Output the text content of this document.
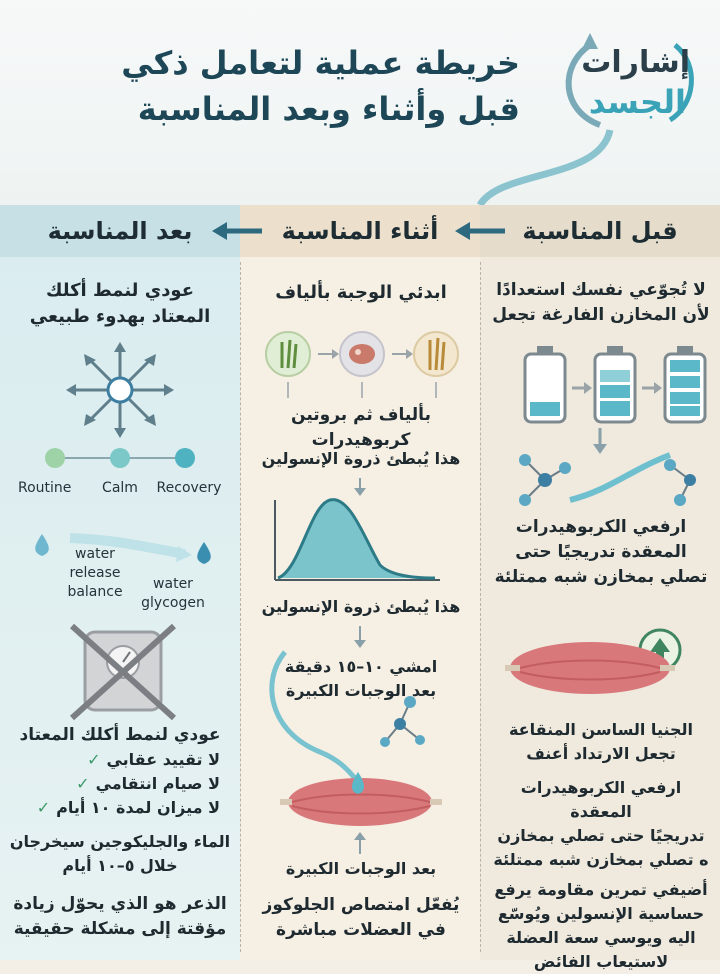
خريطة عملية لتعامل ذكي
قبل وأثناء وبعد المناسبة
إشارات
الجسد
بعد المناسبة	أثناء المناسبة	قبل المناسبة
لا تُجوّعي نفسك استعدادًا
لأن المخازن الفارغة تجعل
ارفعي الكربوهيدرات
المعقدة تدريجيًا حتى
تصلي بمخازن شبه ممتلئة
الجنيا الساسن المنقاعة
تجعل الارتداد أعنف
ارفعي الكربوهيدرات المعقدة
تدريجيًا حتى تصلي بمخازن
ه تصلي بمخازن شبه ممتلئة
أضيفي تمرين مقاومة يرفع
حساسية الإنسولين ويُوسّع
اليه ويوسي سعة العضلة
لاستيعاب الفائض
ابدئي الوجبة بألياف
بألياف ثم بروتين كربوهيدرات
هذا يُبطئ ذروة الإنسولين
هذا يُبطئ ذروة الإنسولين
امشي ١٠–١٥ دقيقة
بعد الوجبات الكبيرة
بعد الوجبات الكبيرة
يُفعّل امتصاص الجلوكوز
في العضلات مباشرة
عودي لنمط أكلك
المعتاد بهدوء طبيعي
Routine Calm Recovery
water
release
balance	water
glycogen
عودي لنمط أكلك المعتاد
لا تقييد عقابي✓
لا صيام انتقامي✓
لا ميزان لمدة ١٠ أيام✓
الماء والجليكوجين سيخرجان
خلال ٥–١٠ أيام
الذعر هو الذي يحوّل زيادة
مؤقتة إلى مشكلة حقيقية
